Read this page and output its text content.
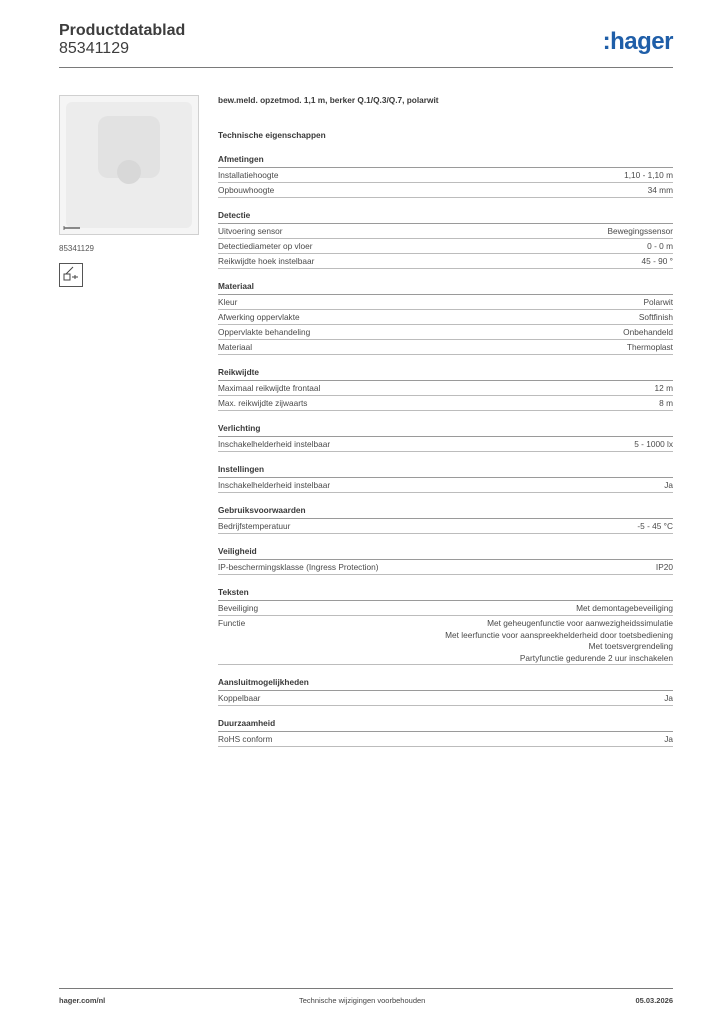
Productdatablad
85341129	:hager
85341129
bew.meld. opzetmod. 1,1 m, berker Q.1/Q.3/Q.7, polarwit
Technische eigenschappen
Afmetingen
Installatiehoogte	1,10 - 1,10 m
Opbouwhoogte	34 mm
Detectie
Uitvoering sensor	Bewegingssensor
Detectiediameter op vloer	0 - 0 m
Reikwijdte hoek instelbaar	45 - 90 °
Materiaal
Kleur	Polarwit
Afwerking oppervlakte	Softfinish
Oppervlakte behandeling	Onbehandeld
Materiaal	Thermoplast
Reikwijdte
Maximaal reikwijdte frontaal	12 m
Max. reikwijdte zijwaarts	8 m
Verlichting
Inschakelhelderheid instelbaar	5 - 1000 lx
Instellingen
Inschakelhelderheid instelbaar	Ja
Gebruiksvoorwaarden
Bedrijfstemperatuur	-5 - 45 °C
Veiligheid
IP-beschermingsklasse (Ingress Protection)	IP20
Teksten
Beveiliging	Met demontagebeveiliging
Functie	Met geheugenfunctie voor aanwezigheidssimulatie
Met leerfunctie voor aanspreekhelderheid door toetsbediening
Met toetsvergrendeling
Partyfunctie gedurende 2 uur inschakelen
Aansluitmogelijkheden
Koppelbaar	Ja
Duurzaamheid
RoHS conform	Ja
hager.com/nl	Technische wijzigingen voorbehouden	05.03.2026
